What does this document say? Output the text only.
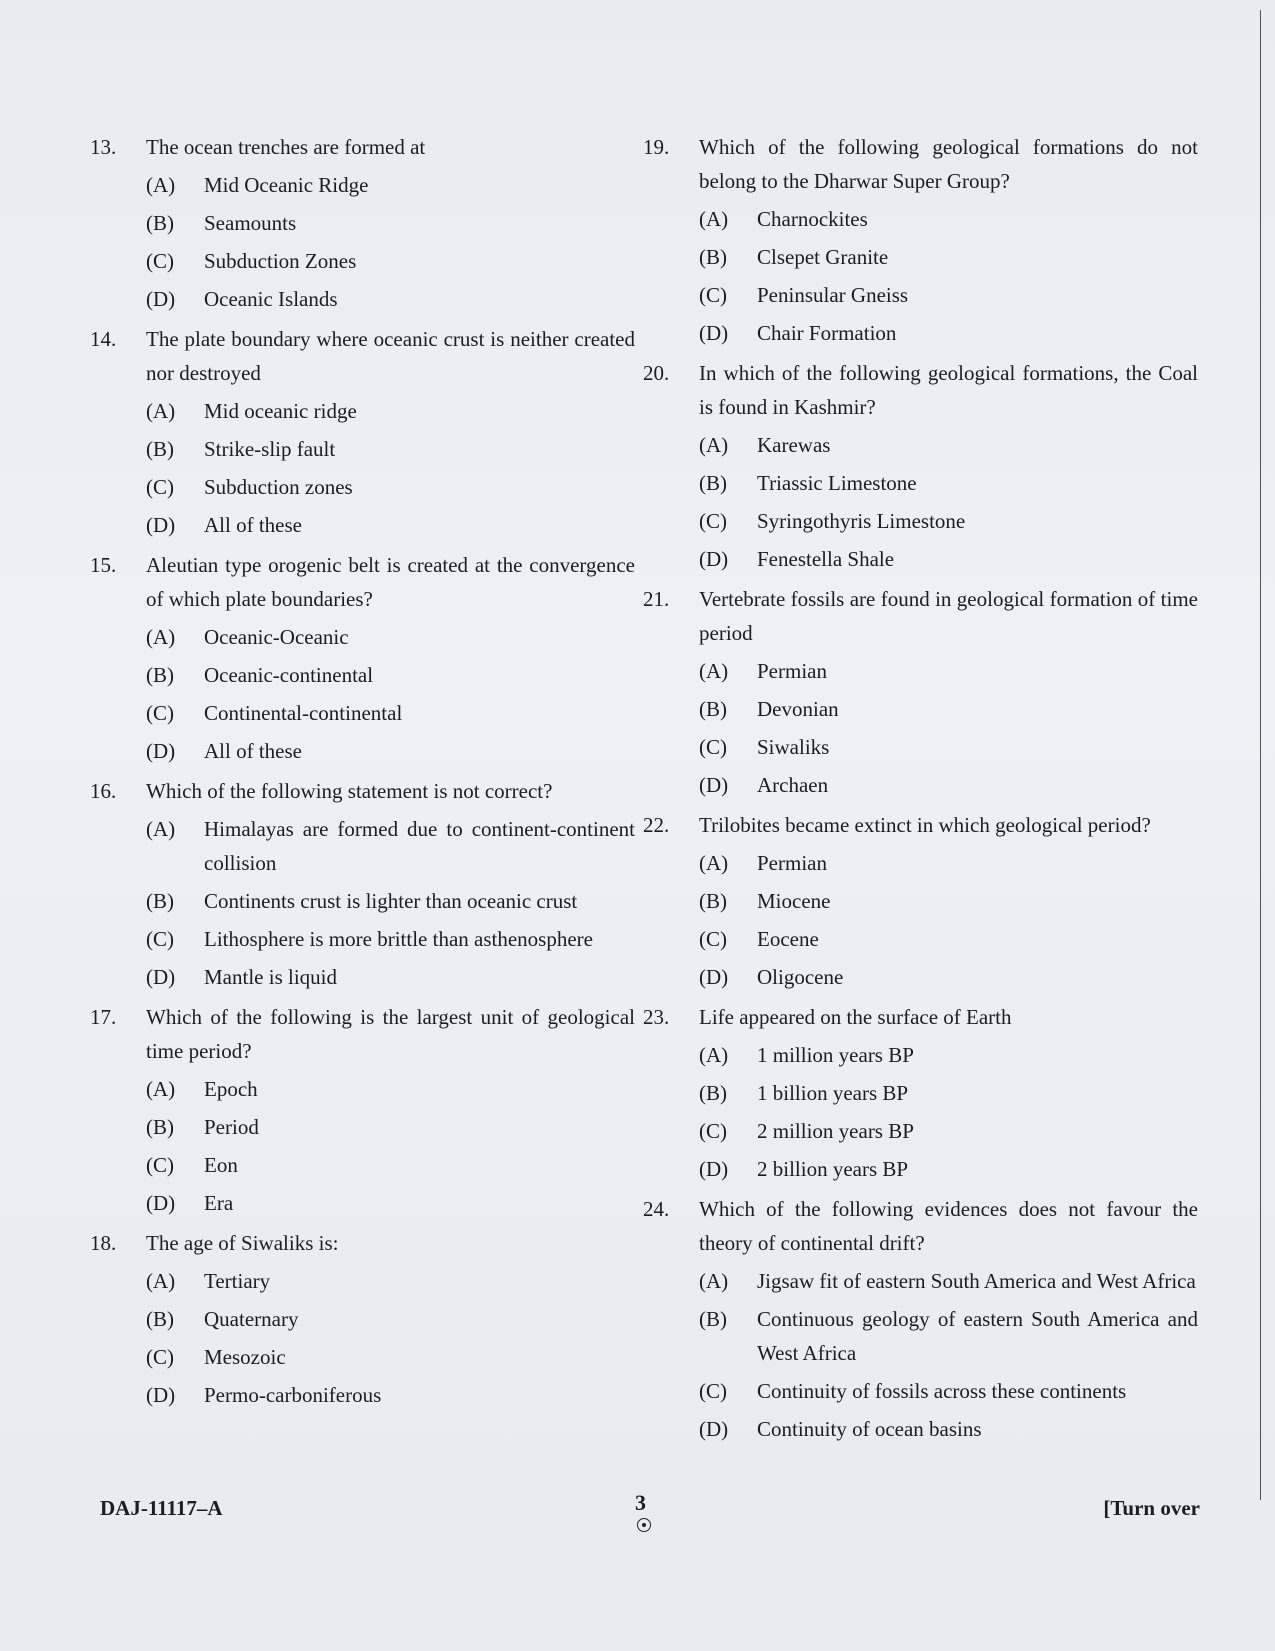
13.	The ocean trenches are formed at
(A)	Mid Oceanic Ridge
(B)	Seamounts
(C)	Subduction Zones
(D)	Oceanic Islands
14.	The plate boundary where oceanic crust is neither created nor destroyed
(A)	Mid oceanic ridge
(B)	Strike-slip fault
(C)	Subduction zones
(D)	All of these
15.	Aleutian type orogenic belt is created at the convergence of which plate boundaries?
(A)	Oceanic-Oceanic
(B)	Oceanic-continental
(C)	Continental-continental
(D)	All of these
16.	Which of the following statement is not correct?
(A)	Himalayas are formed due to continent-continent collision
(B)	Continents crust is lighter than oceanic crust
(C)	Lithosphere is more brittle than asthenosphere
(D)	Mantle is liquid
17.	Which of the following is the largest unit of geological time period?
(A)	Epoch
(B)	Period
(C)	Eon
(D)	Era
18.	The age of Siwaliks is:
(A)	Tertiary
(B)	Quaternary
(C)	Mesozoic
(D)	Permo-carboniferous
19.	Which of the following geological formations do not belong to the Dharwar Super Group?
(A)	Charnockites
(B)	Clsepet Granite
(C)	Peninsular Gneiss
(D)	Chair Formation
20.	In which of the following geological formations, the Coal is found in Kashmir?
(A)	Karewas
(B)	Triassic Limestone
(C)	Syringothyris Limestone
(D)	Fenestella Shale
21.	Vertebrate fossils are found in geological formation of time period
(A)	Permian
(B)	Devonian
(C)	Siwaliks
(D)	Archaen
22.	Trilobites became extinct in which geological period?
(A)	Permian
(B)	Miocene
(C)	Eocene
(D)	Oligocene
23.	Life appeared on the surface of Earth
(A)	1 million years BP
(B)	1 billion years BP
(C)	2 million years BP
(D)	2 billion years BP
24.	Which of the following evidences does not favour the theory of continental drift?
(A)	Jigsaw fit of eastern South America and West Africa
(B)	Continuous geology of eastern South America and West Africa
(C)	Continuity of fossils across these continents
(D)	Continuity of ocean basins
DAJ-11117–A	3	[Turn over
